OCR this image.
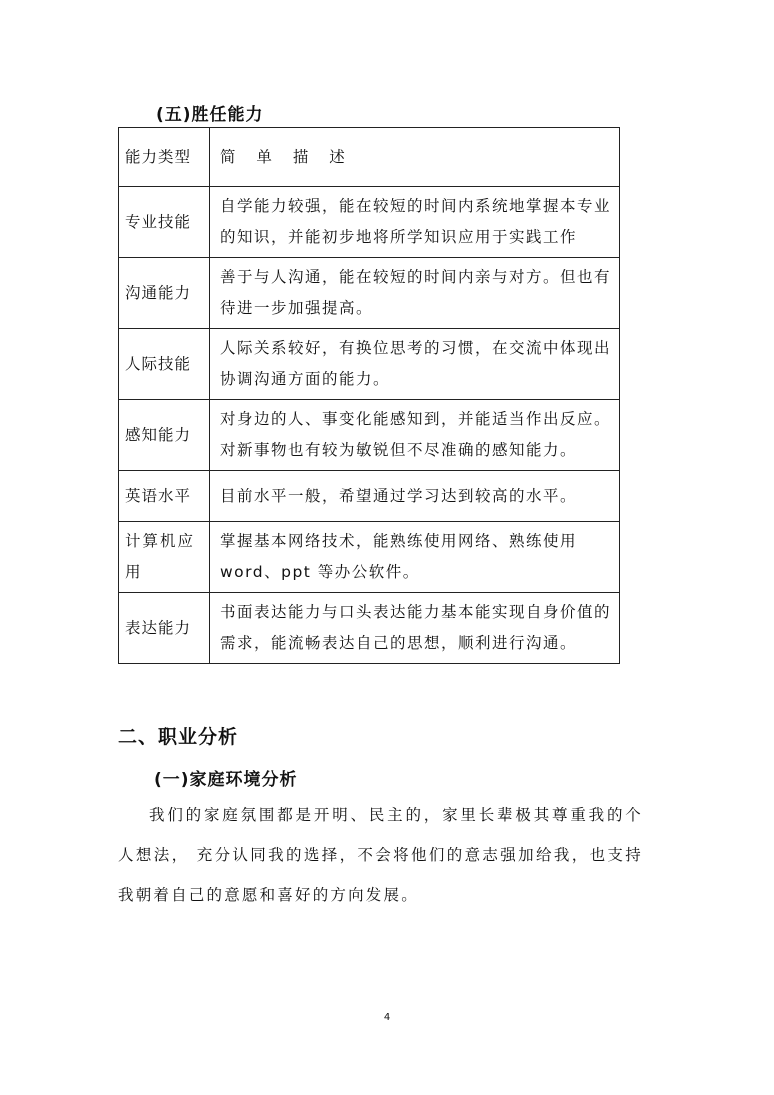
(五)胜任能力
能力类型	简 单 描 述
专业技能	自学能力较强，能在较短的时间内系统地掌握本专业的知识，并能初步地将所学知识应用于实践工作
沟通能力	善于与人沟通，能在较短的时间内亲与对方。但也有待进一步加强提高。
人际技能	人际关系较好，有换位思考的习惯，在交流中体现出协调沟通方面的能力。
感知能力	对身边的人、事变化能感知到，并能适当作出反应。对新事物也有较为敏锐但不尽准确的感知能力。
英语水平	目前水平一般，希望通过学习达到较高的水平。
计算机应用	掌握基本网络技术，能熟练使用网络、熟练使用 word、ppt 等办公软件。
表达能力	书面表达能力与口头表达能力基本能实现自身价值的需求，能流畅表达自己的思想，顺利进行沟通。
二、职业分析
(一)家庭环境分析
我们的家庭氛围都是开明、民主的，家里长辈极其尊重我的个人想法， 充分认同我的选择，不会将他们的意志强加给我，也支持我朝着自己的意愿和喜好的方向发展。
4
